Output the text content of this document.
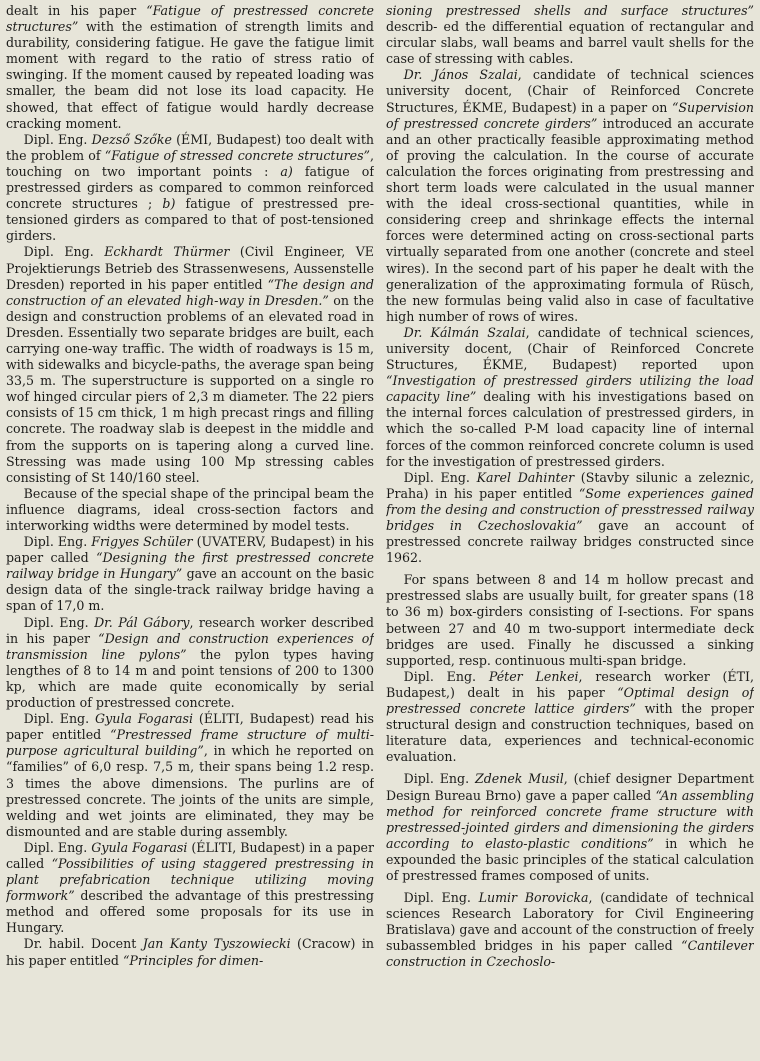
dealt in his paper “Fatigue of prestressed concrete structures” with the estimation of strength limits and durability, considering fatigue. He gave the fatigue limit moment with regard to the ratio of stress ratio of swinging. If the moment caused by repeated loading was smaller, the beam did not lose its load capacity. He showed, that effect of fatigue would hardly decrease cracking moment.

Dipl. Eng. Dezső Szőke (ÉMI, Budapest) too dealt with the problem of “Fatigue of stressed concrete structures”, touching on two important points : a) fatigue of prestressed girders as compared to common reinforced concrete structures ; b) fatigue of prestressed pre-tensioned girders as compared to that of post-tensioned girders.

Dipl. Eng. Eckhardt Thürmer (Civil Engineer, VE Projektierungs Betrieb des Strassenwesens, Aussenstelle Dresden) reported in his paper entitled “The design and construction of an elevated high-way in Dresden.” on the design and construction problems of an elevated road in Dresden. Essentially two separate bridges are built, each carrying one-way traffic. The width of roadways is 15 m, with sidewalks and bicycle-paths, the average span being 33,5 m. The superstructure is supported on a single ro wof hinged circular piers of 2,3 m diameter. The 22 piers consists of 15 cm thick, 1 m high precast rings and filling concrete. The roadway slab is deepest in the middle and from the supports on is tapering along a curved line. Stressing was made using 100 Mp stressing cables consisting of St 140/160 steel.

Because of the special shape of the principal beam the influence diagrams, ideal cross-section factors and interworking widths were determined by model tests.

Dipl. Eng. Frigyes Schüler (UVATERV, Budapest) in his paper called “Designing the first prestressed concrete railway bridge in Hungary” gave an account on the basic design data of the single-track railway bridge having a span of 17,0 m.

Dipl. Eng. Dr. Pál Gábory, research worker described in his paper “Design and construction experiences of transmission line pylons” the pylon types having lengthes of 8 to 14 m and point tensions of 200 to 1300 kp, which are made quite economically by serial production of prestressed concrete.

Dipl. Eng. Gyula Fogarasi (ÉLITI, Budapest) read his paper entitled “Prestressed frame structure of multi-purpose agricultural building”, in which he reported on “families” of 6,0 resp. 7,5 m, their spans being 1.2 resp. 3 times the above dimensions. The purlins are of prestressed concrete. The joints of the units are simple, welding and wet joints are eliminated, they may be dismounted and are stable during assembly.

Dipl. Eng. Gyula Fogarasi (ÉLITI, Budapest) in a paper called “Possibilities of using staggered prestressing in plant prefabrication technique utilizing moving formwork” described the advantage of this prestressing method and offered some proposals for its use in Hungary.

Dr. habil. Docent Jan Kanty Tyszowiecki (Cracow) in his paper entitled “Principles for dimen-

sioning prestressed shells and surface structures” describ- ed the differential equation of rectangular and circular slabs, wall beams and barrel vault shells for the case of stressing with cables.

Dr. János Szalai, candidate of technical sciences university docent, (Chair of Reinforced Concrete Structures, ÉKME, Budapest) in a paper on “Supervision of prestressed concrete girders” introduced an accurate and an other practically feasible approximating method of proving the calculation. In the course of accurate calculation the forces originating from prestressing and short term loads were calculated in the usual manner with the ideal cross-sectional quantities, while in considering creep and shrinkage effects the internal forces were determined acting on cross-sectional parts virtually separated from one another (concrete and steel wires). In the second part of his paper he dealt with the generalization of the approximating formula of Rüsch, the new formulas being valid also in case of facultative high number of rows of wires.

Dr. Kálmán Szalai, candidate of technical sciences, university docent, (Chair of Reinforced Concrete Structures, ÉKME, Budapest) reported upon “Investigation of prestressed girders utilizing the load capacity line” dealing with his investigations based on the internal forces calculation of prestressed girders, in which the so-called P-M load capacity line of internal forces of the common reinforced concrete column is used for the investigation of prestressed girders.

Dipl. Eng. Karel Dahinter (Stavby silunic a zeleznic, Praha) in his paper entitled “Some experiences gained from the desing and construction of presstressed railway bridges in Czechoslovakia” gave an account of prestressed concrete railway bridges constructed since 1962.

For spans between 8 and 14 m hollow precast and prestressed slabs are usually built, for greater spans (18 to 36 m) box-girders consisting of I-sections. For spans between 27 and 40 m two-support intermediate deck bridges are used. Finally he discussed a sinking supported, resp. continuous multi-span bridge.

Dipl. Eng. Péter Lenkei, research worker (ÉTI, Budapest,) dealt in his paper “Optimal design of prestressed concrete lattice girders” with the proper structural design and construction techniques, based on literature data, experiences and technical-economic evaluation.

Dipl. Eng. Zdenek Musil, (chief designer Department Design Bureau Brno) gave a paper called “An assembling method for reinforced concrete frame structure with prestressed-jointed girders and dimensioning the girders according to elasto-plastic conditions” in which he expounded the basic principles of the statical calculation of prestressed frames composed of units.

Dipl. Eng. Lumir Borovicka, (candidate of technical sciences Research Laboratory for Civil Engineering Bratislava) gave and account of the construction of freely subassembled bridges in his paper called “Cantilever construction in Czechoslo-
